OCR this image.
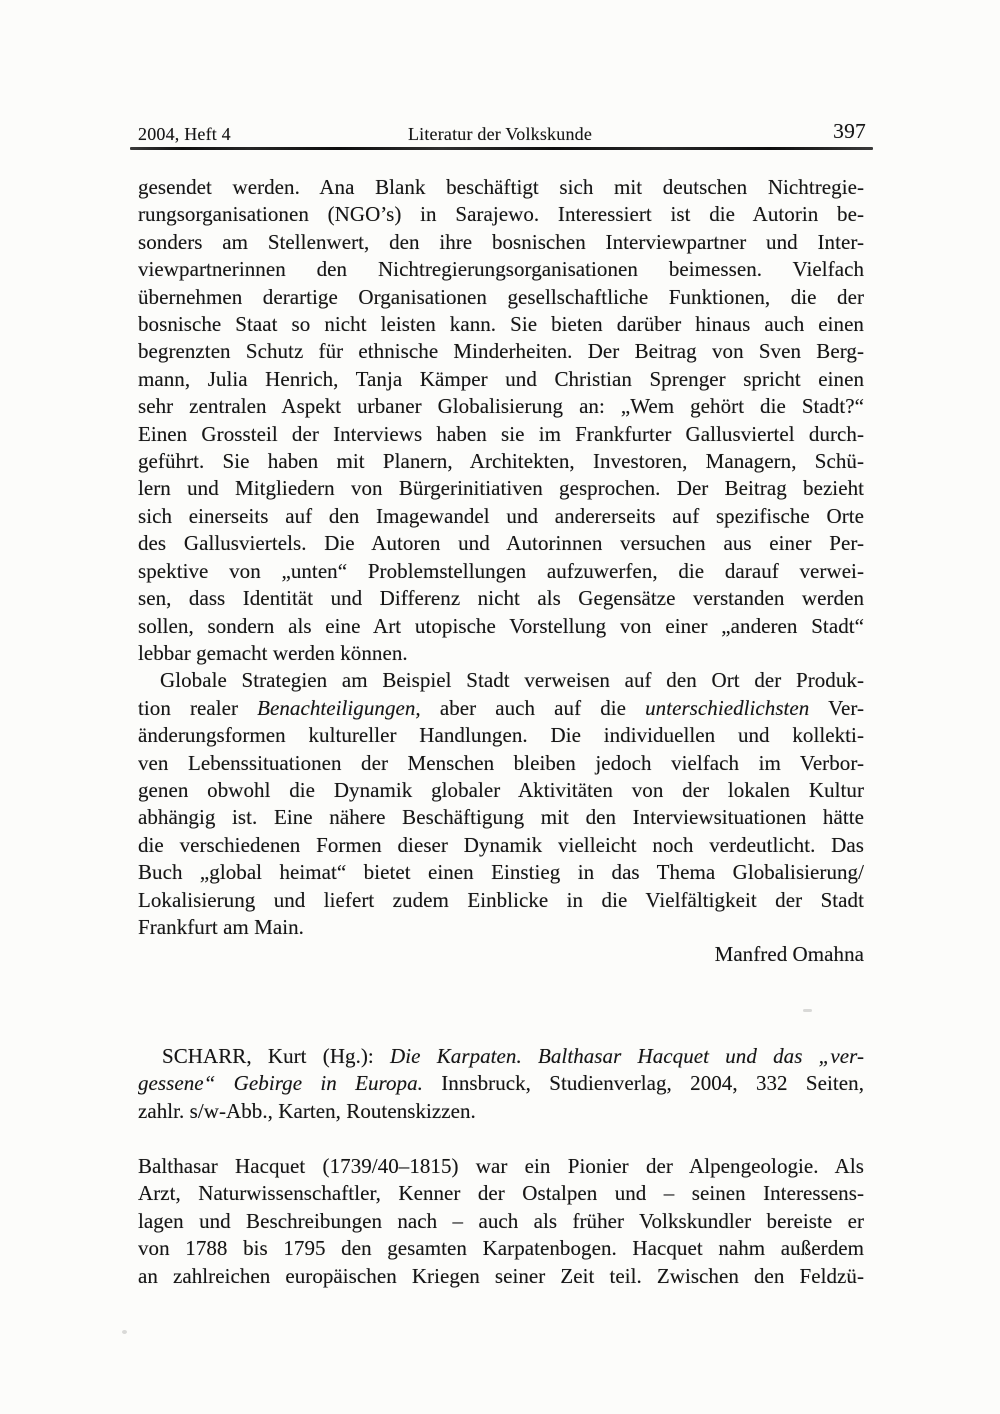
2004, Heft 4	Literatur der Volkskunde	397
gesendet werden. Ana Blank beschäftigt sich mit deutschen Nichtregie-
rungsorganisationen (NGO’s) in Sarajewo. Interessiert ist die Autorin be-
sonders am Stellenwert, den ihre bosnischen Interviewpartner und Inter-
viewpartnerinnen den Nichtregierungsorganisationen beimessen. Vielfach
übernehmen derartige Organisationen gesellschaftliche Funktionen, die der
bosnische Staat so nicht leisten kann. Sie bieten darüber hinaus auch einen
begrenzten Schutz für ethnische Minderheiten. Der Beitrag von Sven Berg-
mann, Julia Henrich, Tanja Kämper und Christian Sprenger spricht einen
sehr zentralen Aspekt urbaner Globalisierung an: „Wem gehört die Stadt?“
Einen Grossteil der Interviews haben sie im Frankfurter Gallusviertel durch-
geführt. Sie haben mit Planern, Architekten, Investoren, Managern, Schü-
lern und Mitgliedern von Bürgerinitiativen gesprochen. Der Beitrag bezieht
sich einerseits auf den Imagewandel und andererseits auf spezifische Orte
des Gallusviertels. Die Autoren und Autorinnen versuchen aus einer Per-
spektive von „unten“ Problemstellungen aufzuwerfen, die darauf verwei-
sen, dass Identität und Differenz nicht als Gegensätze verstanden werden
sollen, sondern als eine Art utopische Vorstellung von einer „anderen Stadt“
lebbar gemacht werden können.
Globale Strategien am Beispiel Stadt verweisen auf den Ort der Produk-
tion realer Benachteiligungen, aber auch auf die unterschiedlichsten Ver-
änderungsformen kultureller Handlungen. Die individuellen und kollekti-
ven Lebenssituationen der Menschen bleiben jedoch vielfach im Verbor-
genen obwohl die Dynamik globaler Aktivitäten von der lokalen Kultur
abhängig ist. Eine nähere Beschäftigung mit den Interviewsituationen hätte
die verschiedenen Formen dieser Dynamik vielleicht noch verdeutlicht. Das
Buch „global heimat“ bietet einen Einstieg in das Thema Globalisierung/
Lokalisierung und liefert zudem Einblicke in die Vielfältigkeit der Stadt
Frankfurt am Main.
Manfred Omahna
SCHARR, Kurt (Hg.): Die Karpaten. Balthasar Hacquet und das „ver-
gessene“ Gebirge in Europa. Innsbruck, Studienverlag, 2004, 332 Seiten,
zahlr. s/w-Abb., Karten, Routenskizzen.
Balthasar Hacquet (1739/40–1815) war ein Pionier der Alpengeologie. Als
Arzt, Naturwissenschaftler, Kenner der Ostalpen und – seinen Interessens-
lagen und Beschreibungen nach – auch als früher Volkskundler bereiste er
von 1788 bis 1795 den gesamten Karpatenbogen. Hacquet nahm außerdem
an zahlreichen europäischen Kriegen seiner Zeit teil. Zwischen den Feldzü-
